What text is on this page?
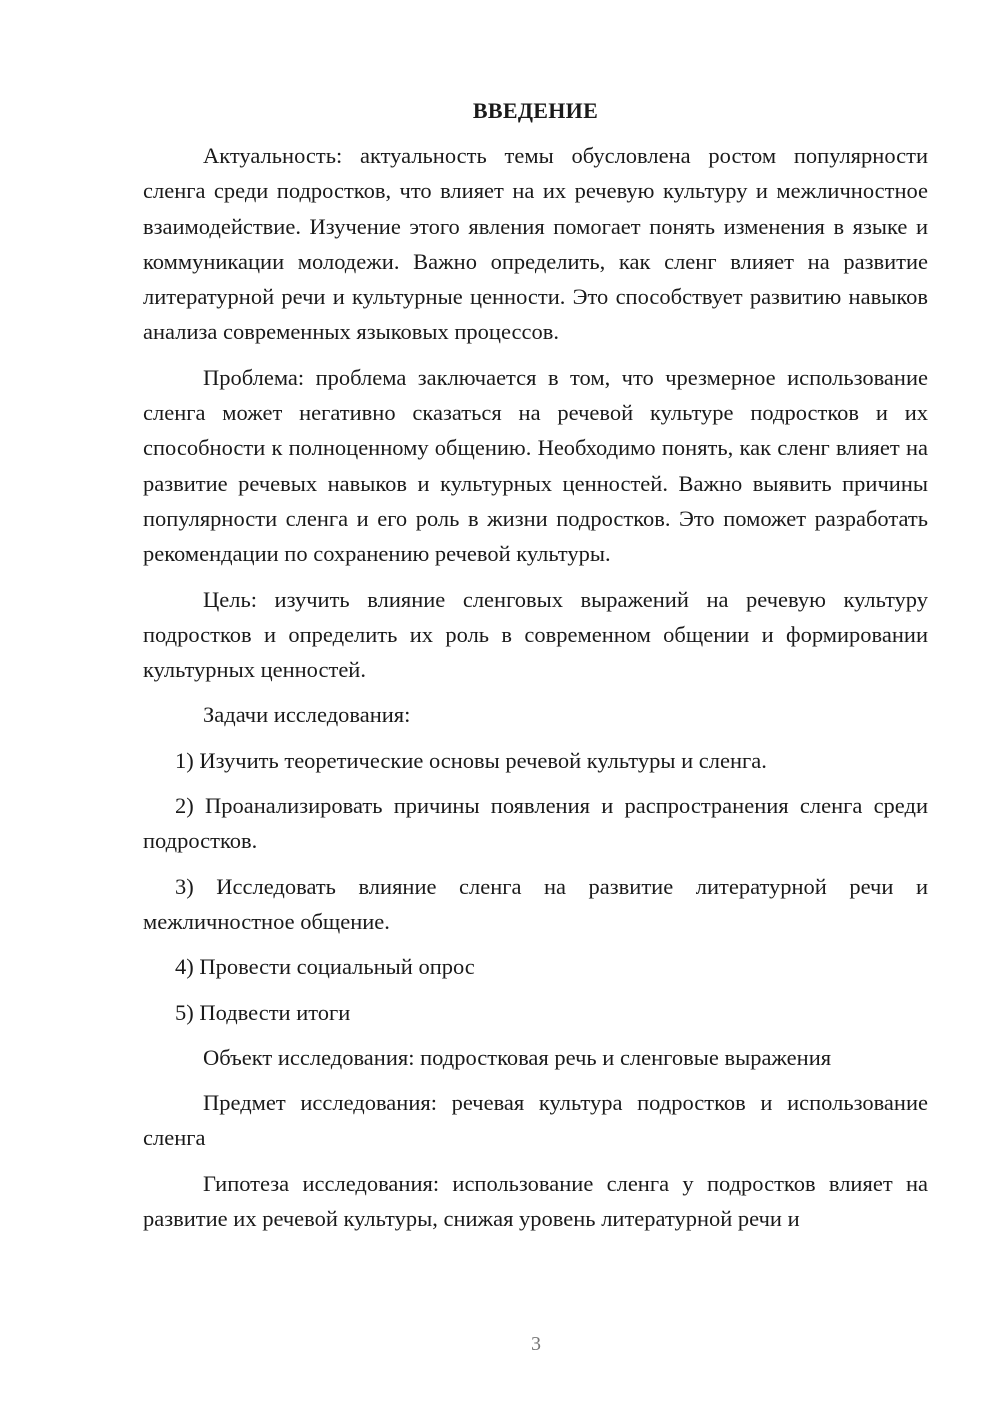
ВВЕДЕНИЕ

Актуальность: актуальность темы обусловлена ростом популярности сленга среди подростков, что влияет на их речевую культуру и межличностное взаимодействие. Изучение этого явления помогает понять изменения в языке и коммуникации молодежи. Важно определить, как сленг влияет на развитие литературной речи и культурные ценности. Это способствует развитию навыков анализа современных языковых процессов.

Проблема: проблема заключается в том, что чрезмерное использование сленга может негативно сказаться на речевой культуре подростков и их способности к полноценному общению. Необходимо понять, как сленг влияет на развитие речевых навыков и культурных ценностей. Важно выявить причины популярности сленга и его роль в жизни подростков. Это поможет разработать рекомендации по сохранению речевой культуры.

Цель: изучить влияние сленговых выражений на речевую культуру подростков и определить их роль в современном общении и формировании культурных ценностей.

Задачи исследования:

1) Изучить теоретические основы речевой культуры и сленга.

2) Проанализировать причины появления и распространения сленга среди подростков.

3) Исследовать влияние сленга на развитие литературной речи и межличностное общение.

4) Провести социальный опрос

5) Подвести итоги

Объект исследования: подростковая речь и сленговые выражения

Предмет исследования: речевая культура подростков и использование сленга

Гипотеза исследования: использование сленга у подростков влияет на развитие их речевой культуры, снижая уровень литературной речи и

3
